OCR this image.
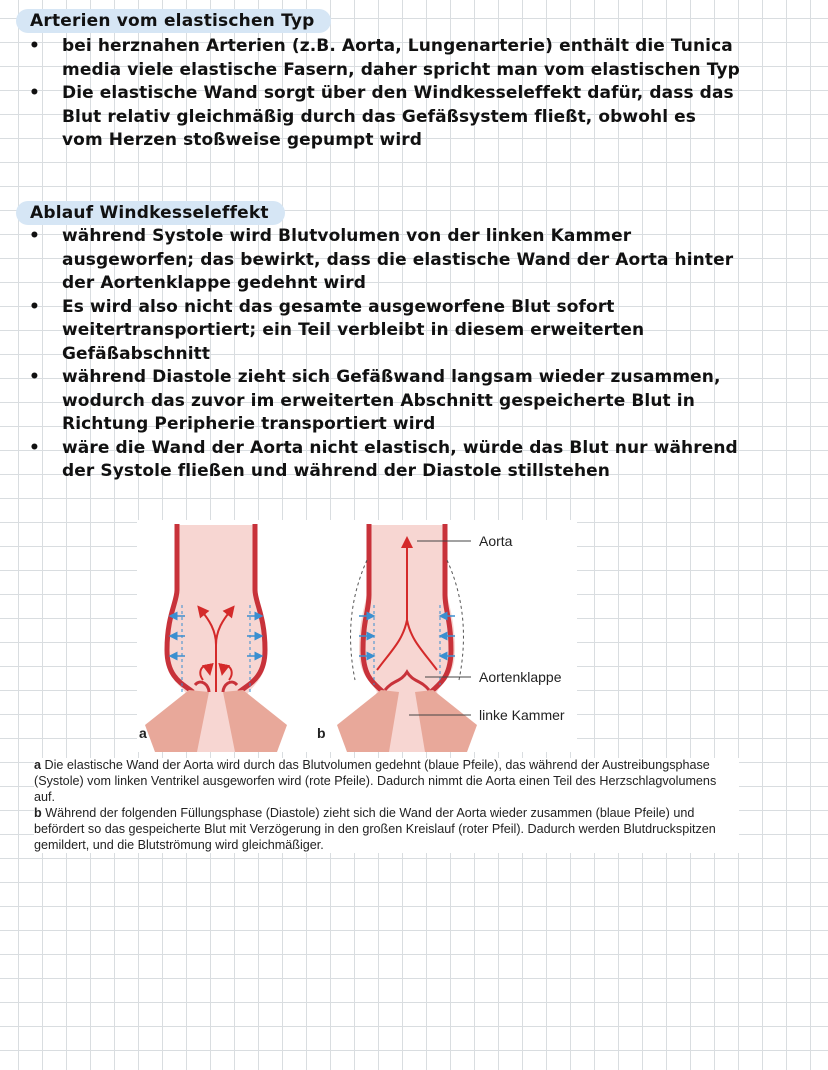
Arterien vom elastischen Typ
• bei herznahen Arterien (z.B. Aorta, Lungenarterie) enthält die Tunica media viele elastische Fasern, daher spricht man vom elastischen Typ
• Die elastische Wand sorgt über den Windkesseleffekt dafür, dass das Blut relativ gleichmäßig durch das Gefäßsystem fließt, obwohl es vom Herzen stoßweise gepumpt wird
Ablauf Windkesseleffekt
• während Systole wird Blutvolumen von der linken Kammer ausgeworfen; das bewirkt, dass die elastische Wand der Aorta hinter der Aortenklappe gedehnt wird
• Es wird also nicht das gesamte ausgeworfene Blut sofort weitertransportiert; ein Teil verbleibt in diesem erweiterten Gefäßabschnitt
• während Diastole zieht sich Gefäßwand langsam wieder zusammen, wodurch das zuvor im erweiterten Abschnitt gespeicherte Blut in Richtung Peripherie transportiert wird
• wäre die Wand der Aorta nicht elastisch, würde das Blut nur während der Systole fließen und während der Diastole stillstehen
a	b
Aorta
Aortenklappe
linke Kammer

a Die elastische Wand der Aorta wird durch das Blutvolumen gedehnt (blaue Pfeile), das während der Austreibungsphase (Systole) vom linken Ventrikel ausgeworfen wird (rote Pfeile). Dadurch nimmt die Aorta einen Teil des Herzschlagvolumens auf.

b Während der folgenden Füllungsphase (Diastole) zieht sich die Wand der Aorta wieder zusammen (blaue Pfeile) und befördert so das gespeicherte Blut mit Verzögerung in den großen Kreislauf (roter Pfeil). Dadurch werden Blutdruckspitzen gemildert, und die Blutströmung wird gleichmäßiger.
